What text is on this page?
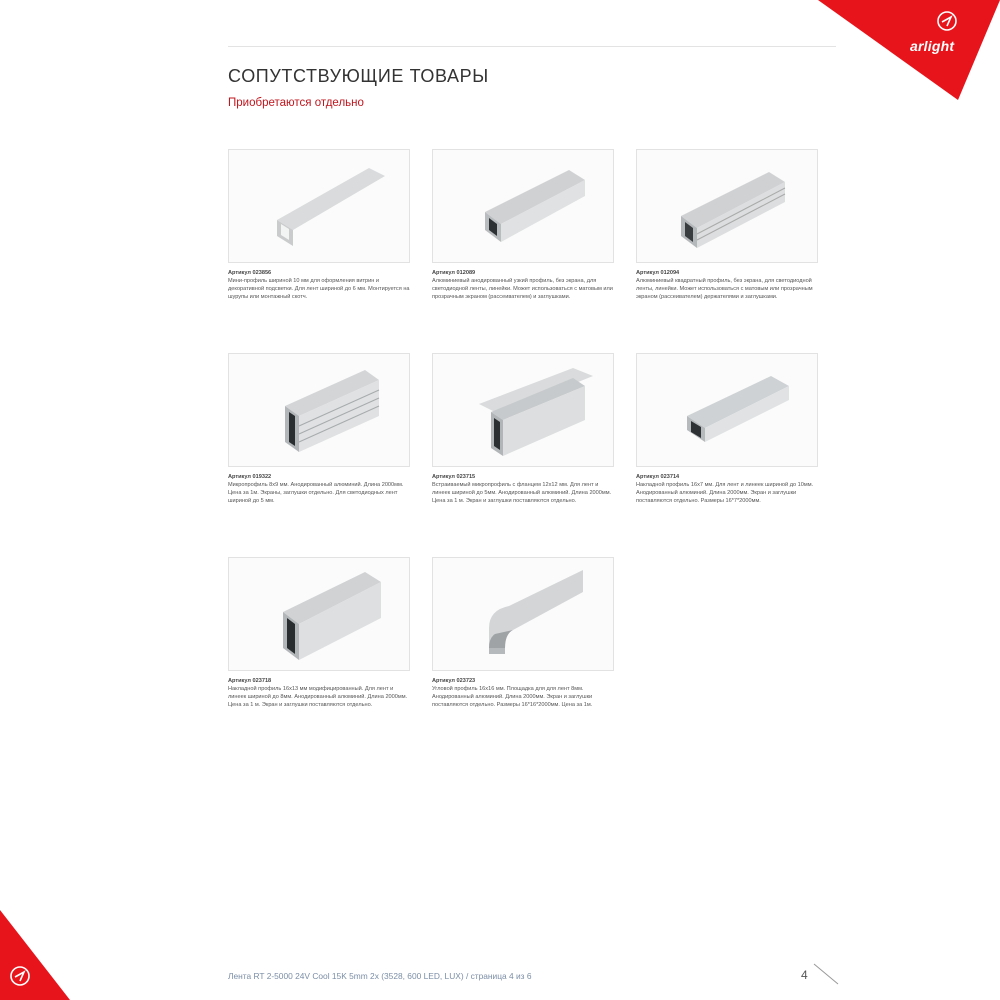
arlight
СОПУТСТВУЮЩИЕ ТОВАРЫ
Приобретаются отдельно
Артикул 023856
Мини-профиль шириной 10 мм для оформления витрин и декоративной подсветки. Для лент шириной до 6 мм. Монтируется на шурупы или монтажный скотч.
Артикул 012089
Алюминиевый анодированный узкий профиль, без экрана, для светодиодной ленты, линейки. Может использоваться с матовым или прозрачным экраном (рассеивателем) и заглушками.
Артикул 012094
Алюминиевый квадратный профиль, без экрана, для светодиодной ленты, линейки. Может использоваться с матовым или прозрачным экраном (рассеивателем) держателями и заглушками.
Артикул 019322
Микропрофиль 8х9 мм. Анодированный алюминий. Длина 2000мм. Цена за 1м. Экраны, заглушки отдельно. Для светодиодных лент шириной до 5 мм.
Артикул 023715
Встраиваемый микропрофиль с фланцем 12х12 мм. Для лент и линеек шириной до 5мм. Анодированный алюминий. Длина 2000мм. Цена за 1 м. Экран и заглушки поставляются отдельно.
Артикул 023714
Накладной профиль 16х7 мм. Для лент и линеек шириной до 10мм. Анодированный алюминий. Длина 2000мм. Экран и заглушки поставляются отдельно. Размеры 16*7*2000мм.
Артикул 023718
Накладной профиль 16х13 мм модифицированный. Для лент и линеек шириной до 8мм. Анодированный алюминий. Длина 2000мм. Цена за 1 м. Экран и заглушки поставляются отдельно.
Артикул 023723
Угловой профиль 16х16 мм. Площадка для для лент 8мм. Анодированный алюминий. Длина 2000мм. Экран и заглушки поставляются отдельно. Размеры 16*16*2000мм. Цена за 1м.
Лента RT 2-5000 24V Cool 15K 5mm 2x (3528, 600 LED, LUX) / страница 4 из 6	4
